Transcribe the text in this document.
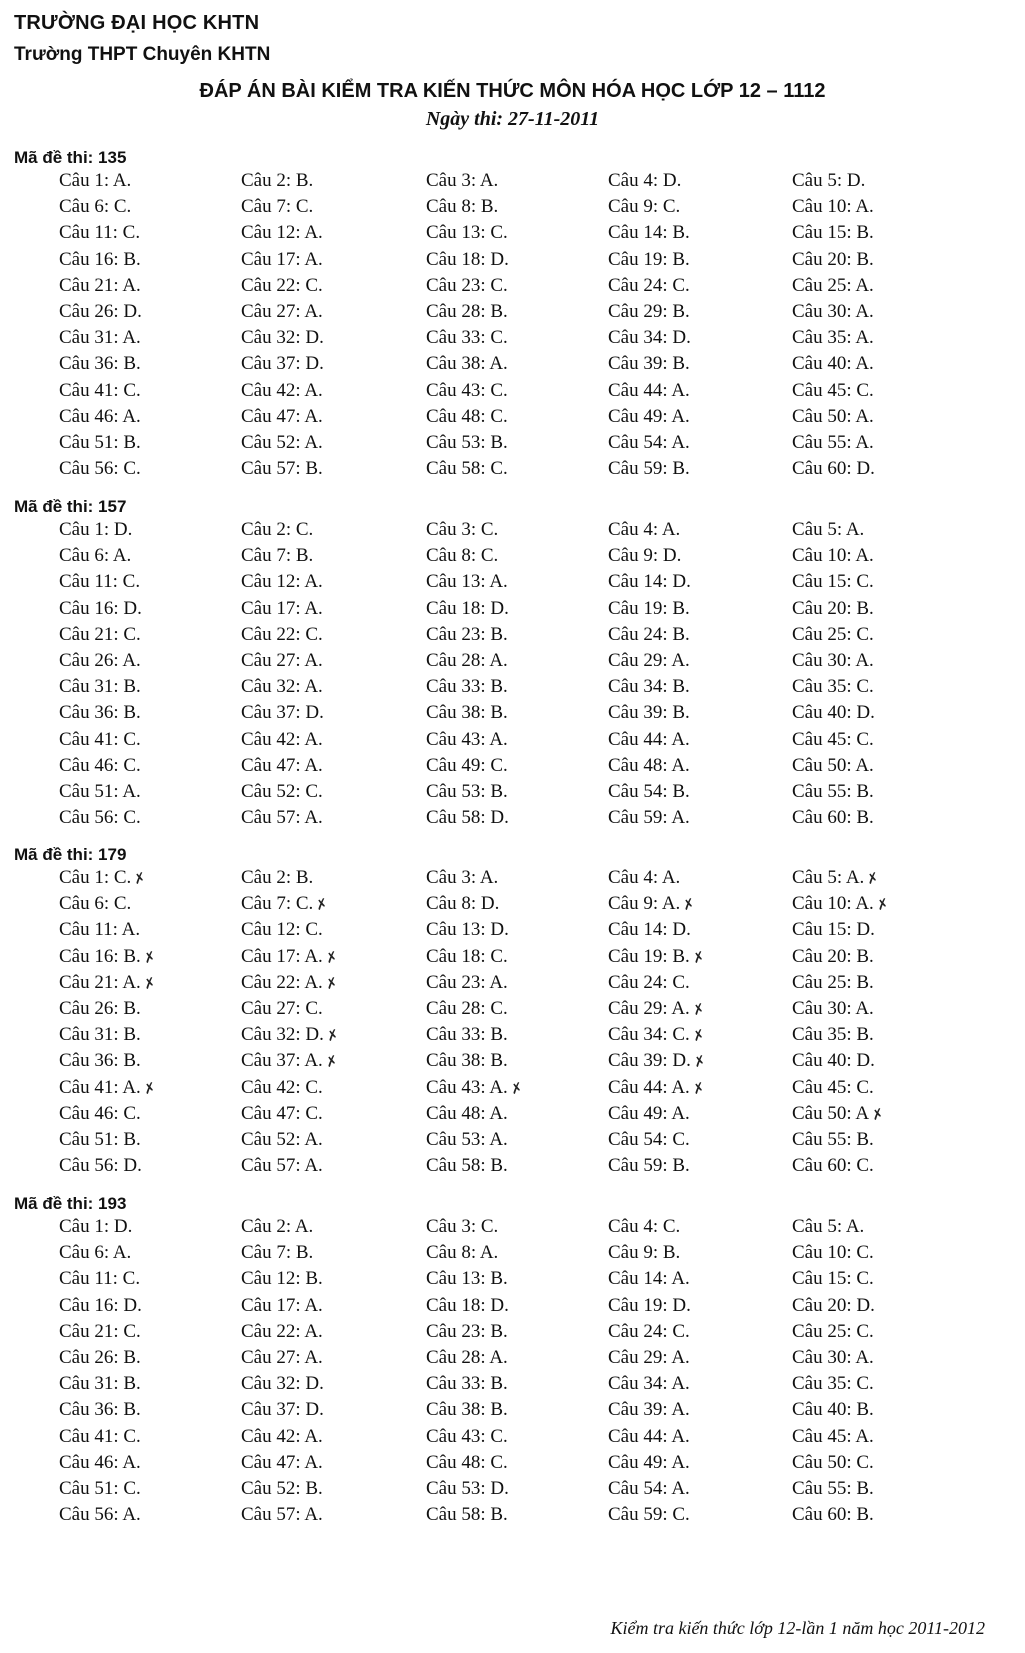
TRƯỜNG ĐẠI HỌC KHTN
Trường THPT Chuyên KHTN
ĐÁP ÁN BÀI KIỂM TRA KIẾN THỨC MÔN HÓA HỌC LỚP 12 – 1112
Ngày thi: 27-11-2011
Mã đề thi: 135
Câu 1: A.	Câu 2: B.	Câu 3: A.	Câu 4: D.	Câu 5: D.
Câu 6: C.	Câu 7: C.	Câu 8: B.	Câu 9: C.	Câu 10: A.
Câu 11: C.	Câu 12: A.	Câu 13: C.	Câu 14: B.	Câu 15: B.
Câu 16: B.	Câu 17: A.	Câu 18: D.	Câu 19: B.	Câu 20: B.
Câu 21: A.	Câu 22: C.	Câu 23: C.	Câu 24: C.	Câu 25: A.
Câu 26: D.	Câu 27: A.	Câu 28: B.	Câu 29: B.	Câu 30: A.
Câu 31: A.	Câu 32: D.	Câu 33: C.	Câu 34: D.	Câu 35: A.
Câu 36: B.	Câu 37: D.	Câu 38: A.	Câu 39: B.	Câu 40: A.
Câu 41: C.	Câu 42: A.	Câu 43: C.	Câu 44: A.	Câu 45: C.
Câu 46: A.	Câu 47: A.	Câu 48: C.	Câu 49: A.	Câu 50: A.
Câu 51: B.	Câu 52: A.	Câu 53: B.	Câu 54: A.	Câu 55: A.
Câu 56: C.	Câu 57: B.	Câu 58: C.	Câu 59: B.	Câu 60: D.
Mã đề thi: 157
Câu 1: D.	Câu 2: C.	Câu 3: C.	Câu 4: A.	Câu 5: A.
Câu 6: A.	Câu 7: B.	Câu 8: C.	Câu 9: D.	Câu 10: A.
Câu 11: C.	Câu 12: A.	Câu 13: A.	Câu 14: D.	Câu 15: C.
Câu 16: D.	Câu 17: A.	Câu 18: D.	Câu 19: B.	Câu 20: B.
Câu 21: C.	Câu 22: C.	Câu 23: B.	Câu 24: B.	Câu 25: C.
Câu 26: A.	Câu 27: A.	Câu 28: A.	Câu 29: A.	Câu 30: A.
Câu 31: B.	Câu 32: A.	Câu 33: B.	Câu 34: B.	Câu 35: C.
Câu 36: B.	Câu 37: D.	Câu 38: B.	Câu 39: B.	Câu 40: D.
Câu 41: C.	Câu 42: A.	Câu 43: A.	Câu 44: A.	Câu 45: C.
Câu 46: C.	Câu 47: A.	Câu 49: C.	Câu 48: A.	Câu 50: A.
Câu 51: A.	Câu 52: C.	Câu 53: B.	Câu 54: B.	Câu 55: B.
Câu 56: C.	Câu 57: A.	Câu 58: D.	Câu 59: A.	Câu 60: B.
Mã đề thi: 179
Câu 1: C.✗	Câu 2: B.	Câu 3: A.	Câu 4: A.	Câu 5: A.✗
Câu 6: C.	Câu 7: C.✗	Câu 8: D.	Câu 9: A.✗	Câu 10: A.✗
Câu 11: A.	Câu 12: C.	Câu 13: D.	Câu 14: D.	Câu 15: D.
Câu 16: B.✗	Câu 17: A.✗	Câu 18: C.	Câu 19: B.✗	Câu 20: B.
Câu 21: A.✗	Câu 22: A.✗	Câu 23: A.	Câu 24: C.	Câu 25: B.
Câu 26: B.	Câu 27: C.	Câu 28: C.	Câu 29: A.✗	Câu 30: A.
Câu 31: B.	Câu 32: D.✗	Câu 33: B.	Câu 34: C.✗	Câu 35: B.
Câu 36: B.	Câu 37: A.✗	Câu 38: B.	Câu 39: D.✗	Câu 40: D.
Câu 41: A.✗	Câu 42: C.	Câu 43: A.✗	Câu 44: A.✗	Câu 45: C.
Câu 46: C.	Câu 47: C.	Câu 48: A.	Câu 49: A.	Câu 50: A✗
Câu 51: B.	Câu 52: A.	Câu 53: A.	Câu 54: C.	Câu 55: B.
Câu 56: D.	Câu 57: A.	Câu 58: B.	Câu 59: B.	Câu 60: C.
Mã đề thi: 193
Câu 1: D.	Câu 2: A.	Câu 3: C.	Câu 4: C.	Câu 5: A.
Câu 6: A.	Câu 7: B.	Câu 8: A.	Câu 9: B.	Câu 10: C.
Câu 11: C.	Câu 12: B.	Câu 13: B.	Câu 14: A.	Câu 15: C.
Câu 16: D.	Câu 17: A.	Câu 18: D.	Câu 19: D.	Câu 20: D.
Câu 21: C.	Câu 22: A.	Câu 23: B.	Câu 24: C.	Câu 25: C.
Câu 26: B.	Câu 27: A.	Câu 28: A.	Câu 29: A.	Câu 30: A.
Câu 31: B.	Câu 32: D.	Câu 33: B.	Câu 34: A.	Câu 35: C.
Câu 36: B.	Câu 37: D.	Câu 38: B.	Câu 39: A.	Câu 40: B.
Câu 41: C.	Câu 42: A.	Câu 43: C.	Câu 44: A.	Câu 45: A.
Câu 46: A.	Câu 47: A.	Câu 48: C.	Câu 49: A.	Câu 50: C.
Câu 51: C.	Câu 52: B.	Câu 53: D.	Câu 54: A.	Câu 55: B.
Câu 56: A.	Câu 57: A.	Câu 58: B.	Câu 59: C.	Câu 60: B.
Kiểm tra kiến thức lớp 12-lần 1 năm học 2011-2012
